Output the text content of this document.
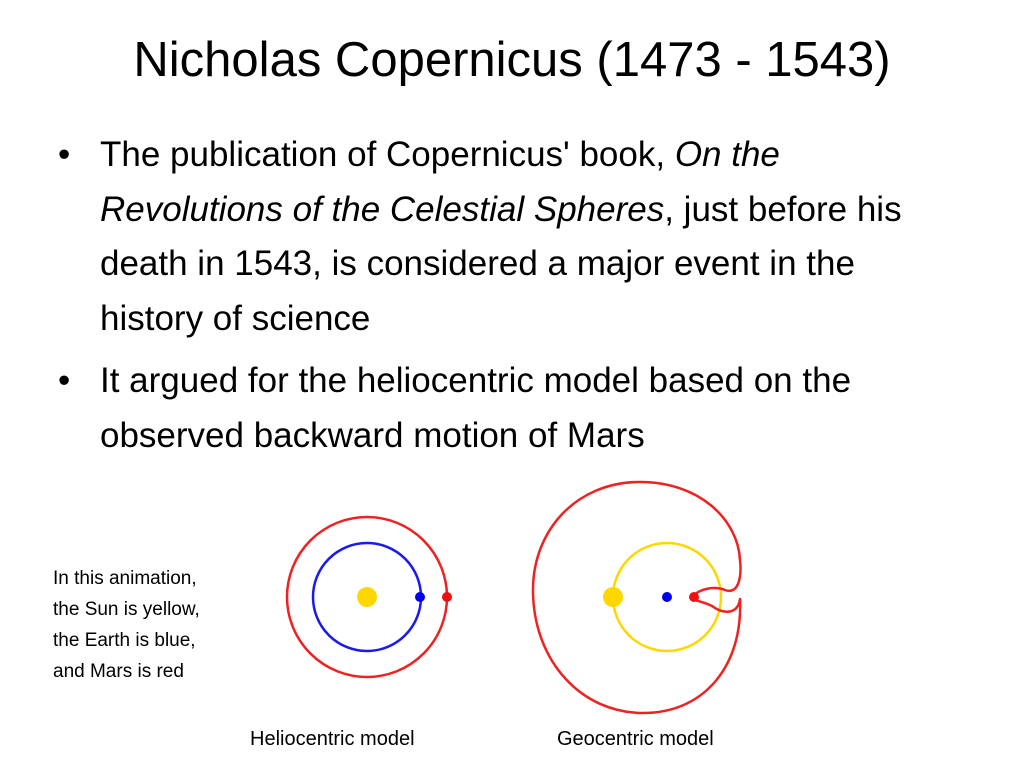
Nicholas Copernicus (1473 - 1543)
• The publication of Copernicus' book, On the Revolutions of the Celestial Spheres, just before his death in 1543, is considered a major event in the history of science
• It argued for the heliocentric model based on the observed backward motion of Mars
In this animation,
the Sun is yellow,
the Earth is blue,
and Mars is red
Heliocentric model	Geocentric model
